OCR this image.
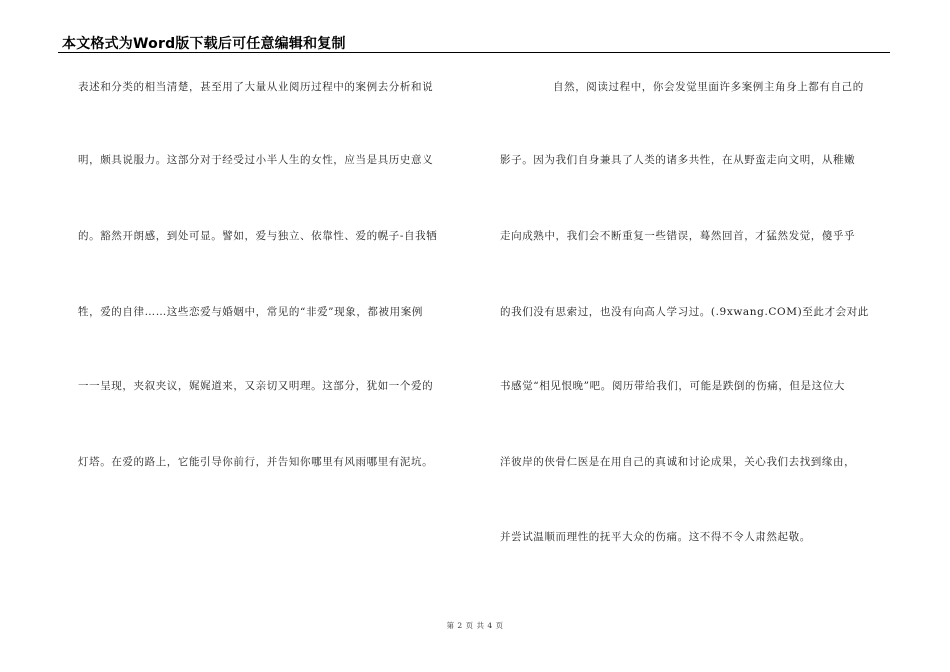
本文格式为Word版下载后可任意编辑和复制
表述和分类的相当清楚，甚至用了大量从业阅历过程中的案例去分析和说
明，颇具说服力。这部分对于经受过小半人生的女性，应当是具历史意义
的。豁然开朗感，到处可显。譬如，爱与独立、依靠性、爱的幌子-自我牺
牲，爱的自律……这些恋爱与婚姻中，常见的“非爱”现象，都被用案例
一一呈现，夹叙夹议，娓娓道来，又亲切又明理。这部分，犹如一个爱的
灯塔。在爱的路上，它能引导你前行，并告知你哪里有风雨哪里有泥坑。
自然，阅读过程中，你会发觉里面许多案例主角身上都有自己的
影子。因为我们自身兼具了人类的诸多共性，在从野蛮走向文明，从稚嫩
走向成熟中，我们会不断重复一些错误，蓦然回首，才猛然发觉，傻乎乎
的我们没有思索过，也没有向高人学习过。(.9xwang.COM)至此才会对此
书感觉“相见恨晚”吧。阅历带给我们，可能是跌倒的伤痛，但是这位大
洋彼岸的侠骨仁医是在用自己的真诚和讨论成果，关心我们去找到缘由，
并尝试温顺而理性的抚平大众的伤痛。这不得不令人肃然起敬。
第 2 页 共 4 页
